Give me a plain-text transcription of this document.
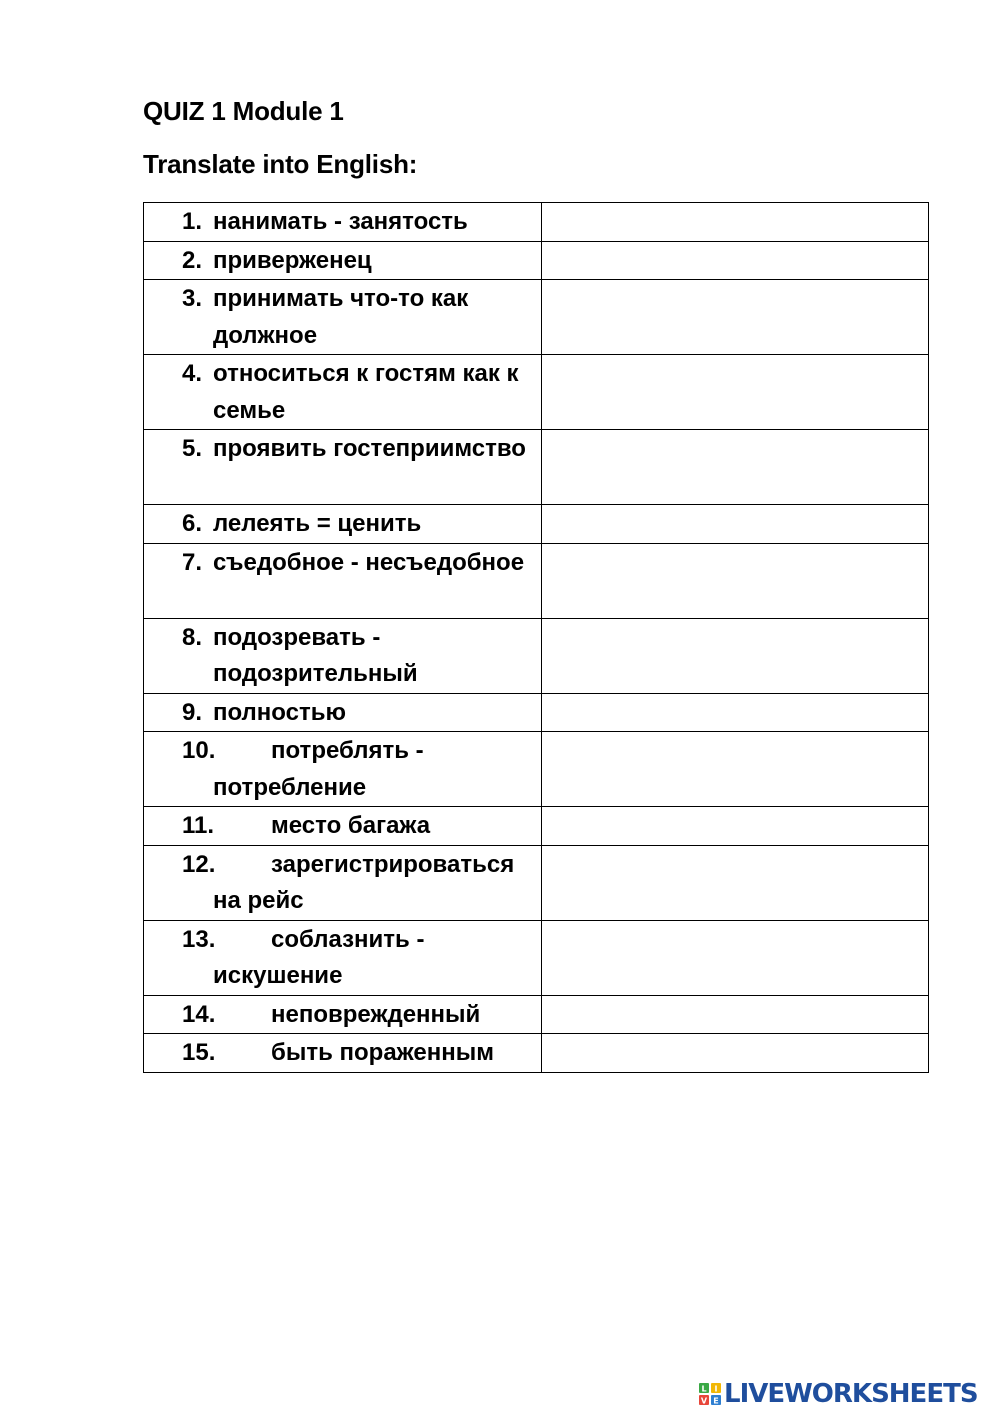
QUIZ 1 Module 1
Translate into English:
1. нанимать - занятость	

2. приверженец	

3. принимать что-то как должное	

4. относиться к гостям как к семье	

5. проявить гостеприимство	

6. лелеять = ценить	

7. съедобное - несъедобное	

8. подозревать - подозрительный	

9. полностью	

10. потреблять - потребление	

11. место багажа	

12. зарегистрироваться на рейс	

13. соблазнить - искушение	

14. неповрежденный	

15. быть пораженным	

L I
V E LIVEWORKSHEETS
